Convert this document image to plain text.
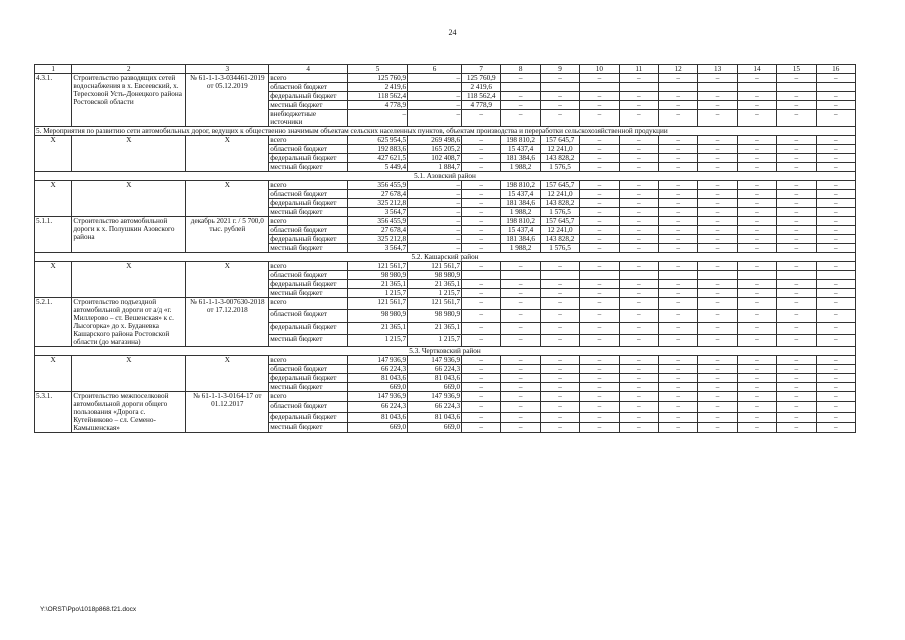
24
1	2	3	4	5	6	7	8	9	10	11	12	13	14	15	16
4.3.1.	Строительство разводящих сетей водоснабжения в х. Евсеевский, х. Тересховой Усть-Донецкого района Ростовской области	№ 61-1-1-3-034461-2019 от 05.12.2019	всего	125 760,9	–	125 760,9	–	–	–	–	–	–	–	–	–
			областной бюджет	2 419,6		2 419,6									
			федеральный бюджет	118 562,4	–	118 562,4	–	–	–	–	–	–	–	–	–
			местный бюджет	4 778,9	–	4 778,9	–	–	–	–	–	–	–	–	–
			внебюджетные источники	–	–	–	–	–	–	–	–	–	–	–	–
5. Мероприятия по развитию сети автомобильных дорог, ведущих к общественно значимым объектам сельских населенных пунктов, объектам производства и переработки сельскохозяйственной продукции															
Х	Х	Х	всего	625 954,5	269 498,6	–	198 810,2	157 645,7	–	–	–	–	–	–	–
			областной бюджет	192 883,6	165 205,2	–	15 437,4	12 241,0	–	–	–	–	–	–	–
			федеральный бюджет	427 621,5	102 408,7	–	181 384,6	143 828,2	–	–	–	–	–	–	–
			местный бюджет	5 449,4	1 884,7	–	1 988,2	1 576,5	–	–	–	–	–	–	–
5.1. Азовский район															
Х	Х	Х	всего	356 455,9	–	–	198 810,2	157 645,7	–	–	–	–	–	–	–
			областной бюджет	27 678,4	–	–	15 437,4	12 241,0	–	–	–	–	–	–	–
			федеральный бюджет	325 212,8	–	–	181 384,6	143 828,2	–	–	–	–	–	–	–
			местный бюджет	3 564,7	–	–	1 988,2	1 576,5	–	–	–	–	–	–	–
5.1.1.	Строительство автомобильной дороги к х. Полушкин Азовского района	декабрь 2021 г. / 5 700,0 тыс. рублей	всего	356 455,9	–	–	198 810,2	157 645,7	–	–	–	–	–	–	–
			областной бюджет	27 678,4	–	–	15 437,4	12 241,0	–	–	–	–	–	–	–
			федеральный бюджет	325 212,8	–	–	181 384,6	143 828,2	–	–	–	–	–	–	–
			местный бюджет	3 564,7	–	–	1 988,2	1 576,5	–	–	–	–	–	–	–
5.2. Кашарский район															
Х	Х	Х	всего	121 561,7	121 561,7	–	–	–	–	–	–	–	–	–	–
			областной бюджет	98 980,9	98 980,9										
			федеральный бюджет	21 365,1	21 365,1	–	–	–	–	–	–	–	–	–	–
			местный бюджет	1 215,7	1 215,7	–	–	–	–	–	–	–	–	–	–
5.2.1.	Строительство подъездной автомобильной дороги от а/д «г. Миллерово – ст. Вешенская» к с. Лысогорка» до х. Буданевка Кашарского района Ростовской области (до магазина)	№ 61-1-1-3-007630-2018 от 17.12.2018	всего	121 561,7	121 561,7	–	–	–	–	–	–	–	–	–	–
			областной бюджет	98 980,9	98 980,9	–	–	–	–	–	–	–	–	–	–
			федеральный бюджет	21 365,1	21 365,1	–	–	–	–	–	–	–	–	–	–
			местный бюджет	1 215,7	1 215,7	–	–	–	–	–	–	–	–	–	–
5.3. Чертковский район															
Х	Х	Х	всего	147 936,9	147 936,9	–	–	–	–	–	–	–	–	–	–
			областной бюджет	66 224,3	66 224,3	–	–	–	–	–	–	–	–	–	–
			федеральный бюджет	81 043,6	81 043,6	–	–	–	–	–	–	–	–	–	–
			местный бюджет	669,0	669,0	–	–	–	–	–	–	–	–	–	–
5.3.1.	Строительство межпоселковой автомобильной дороги общего пользования «Дорога с. Кутейниково – сл. Семено-Камышенская»	№ 61-1-1-3-0164-17 от 01.12.2017	всего	147 936,9	147 936,9	–	–	–	–	–	–	–	–	–	–
			областной бюджет	66 224,3	66 224,3	–	–	–	–	–	–	–	–	–	–
			федеральный бюджет	81 043,6	81 043,6	–	–	–	–	–	–	–	–	–	–
			местный бюджет	669,0	669,0	–	–	–	–	–	–	–	–	–	–
Y:\ORST\Ppo\1018p868.f21.docx
